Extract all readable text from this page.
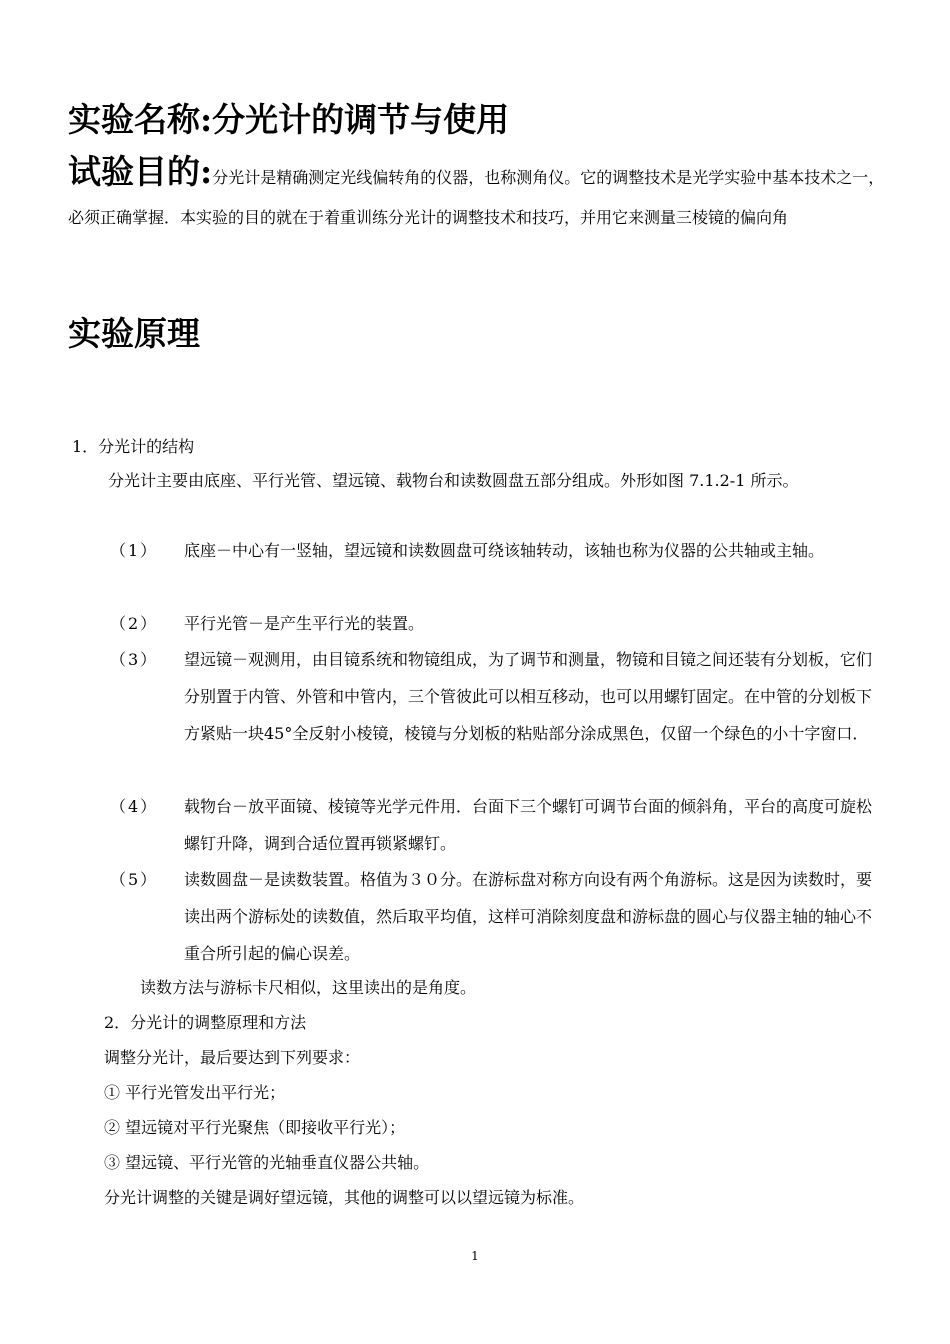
实验名称:分光计的调节与使用
试验目的:分光计是精确测定光线偏转角的仪器，也称测角仪。它的调整技术是光学实验中基本技术之一，必须正确掌握．本实验的目的就在于着重训练分光计的调整技术和技巧，并用它来测量三棱镜的偏向角
实验原理
1．分光计的结构
分光计主要由底座、平行光管、望远镜、载物台和读数圆盘五部分组成。外形如图 7.1.2-1 所示。
（1） 底座－中心有一竖轴，望远镜和读数圆盘可绕该轴转动，该轴也称为仪器的公共轴或主轴。
（2） 平行光管－是产生平行光的装置。
（3） 望远镜－观测用，由目镜系统和物镜组成，为了调节和测量，物镜和目镜之间还装有分划板，它们分别置于内管、外管和中管内，三个管彼此可以相互移动，也可以用螺钉固定。在中管的分划板下方紧贴一块45°全反射小棱镜，棱镜与分划板的粘贴部分涂成黑色，仅留一个绿色的小十字窗口．
（4） 载物台－放平面镜、棱镜等光学元件用．台面下三个螺钉可调节台面的倾斜角，平台的高度可旋松螺钉升降，调到合适位置再锁紧螺钉。
（5） 读数圆盘－是读数装置。格值为３０分。在游标盘对称方向设有两个角游标。这是因为读数时，要读出两个游标处的读数值，然后取平均值，这样可消除刻度盘和游标盘的圆心与仪器主轴的轴心不重合所引起的偏心误差。
读数方法与游标卡尺相似，这里读出的是角度。
2．分光计的调整原理和方法
调整分光计，最后要达到下列要求：
① 平行光管发出平行光；
② 望远镜对平行光聚焦（即接收平行光）；
③ 望远镜、平行光管的光轴垂直仪器公共轴。
分光计调整的关键是调好望远镜，其他的调整可以以望远镜为标准。
1
